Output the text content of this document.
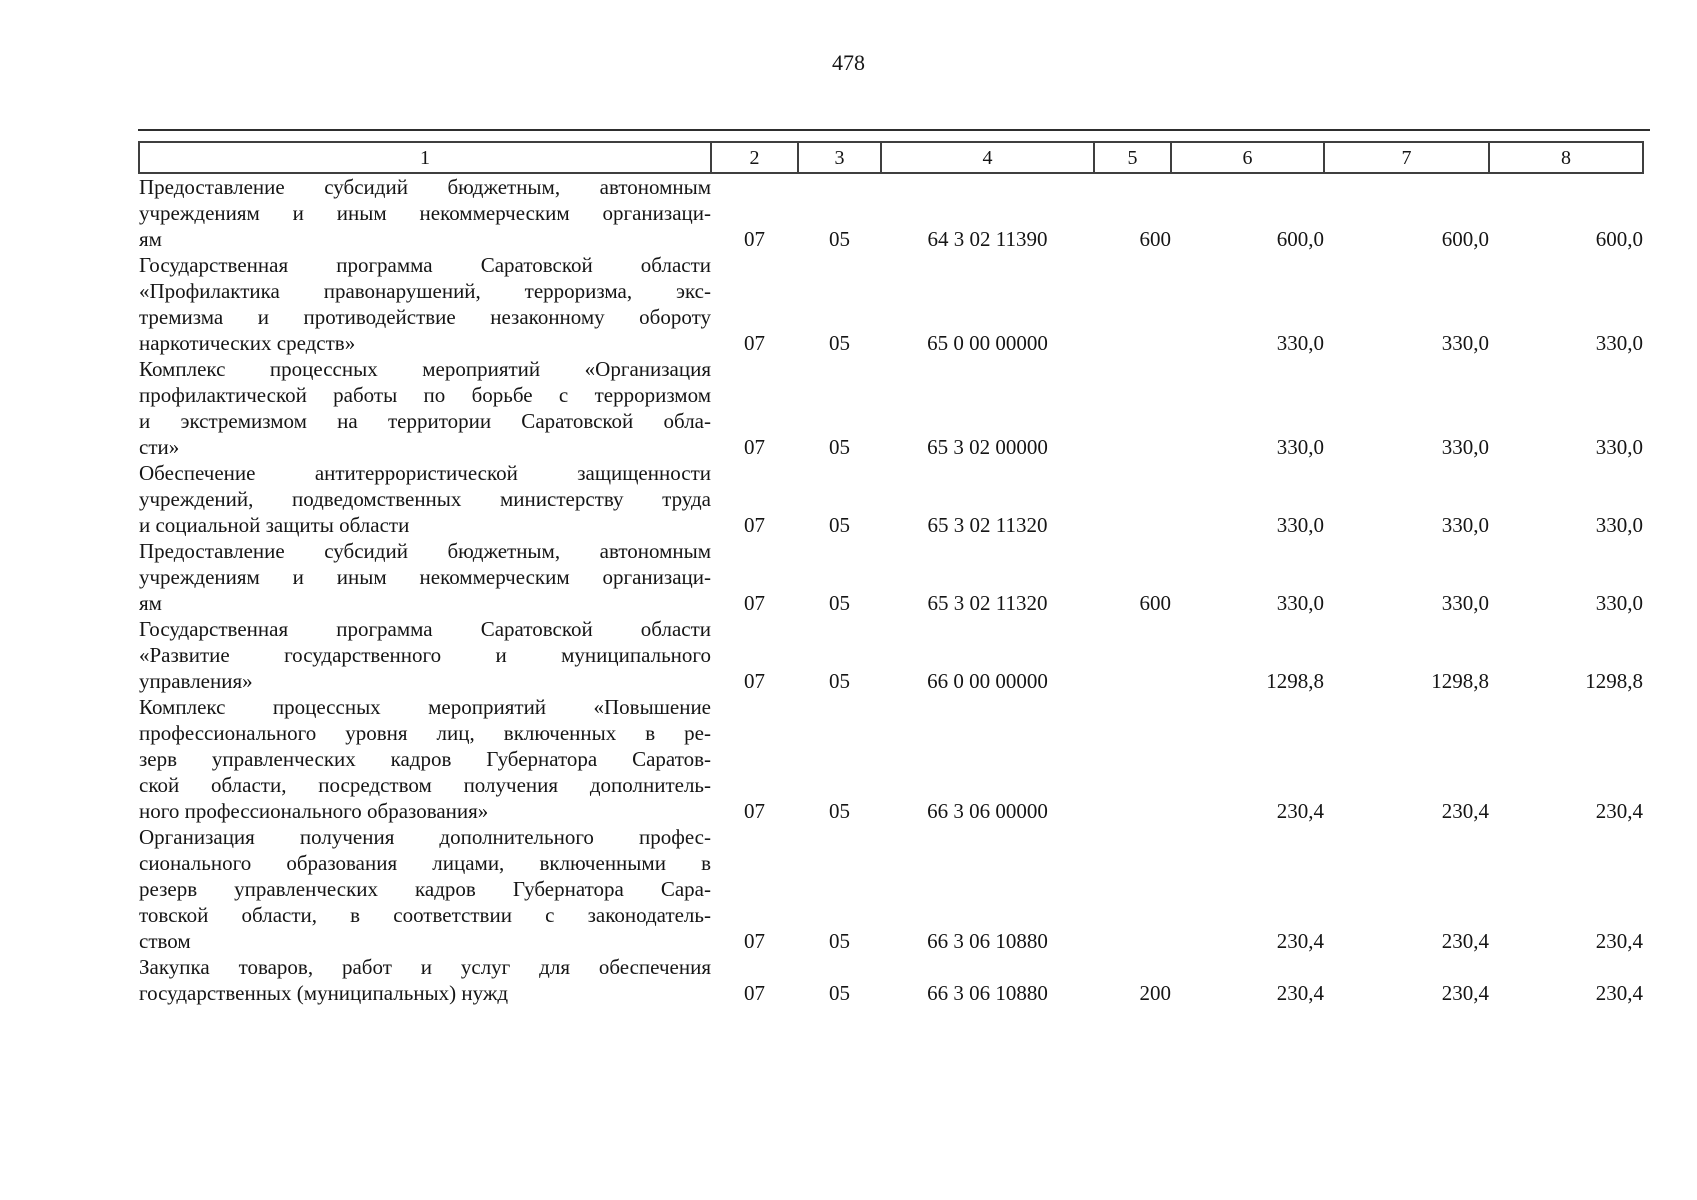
478
1	2	3	4	5	6	7	8

Предоставление субсидий бюджетным, автономным
учреждениям и иным некоммерческим организаци-
ям	07	05	64 3 02 11390	600	600,0	600,0	600,0

Государственная программа Саратовской области
«Профилактика правонарушений, терроризма, экс-
тремизма и противодействие незаконному обороту
наркотических средств»	07	05	65 0 00 00000		330,0	330,0	330,0

Комплекс процессных мероприятий «Организация
профилактической работы по борьбе с терроризмом
и экстремизмом на территории Саратовской обла-
сти»	07	05	65 3 02 00000		330,0	330,0	330,0

Обеспечение антитеррористической защищенности
учреждений, подведомственных министерству труда
и социальной защиты области	07	05	65 3 02 11320		330,0	330,0	330,0

Предоставление субсидий бюджетным, автономным
учреждениям и иным некоммерческим организаци-
ям	07	05	65 3 02 11320	600	330,0	330,0	330,0

Государственная программа Саратовской области
«Развитие государственного и муниципального
управления»	07	05	66 0 00 00000		1298,8	1298,8	1298,8

Комплекс процессных мероприятий «Повышение
профессионального уровня лиц, включенных в ре-
зерв управленческих кадров Губернатора Саратов-
ской области, посредством получения дополнитель-
ного профессионального образования»	07	05	66 3 06 00000		230,4	230,4	230,4

Организация получения дополнительного профес-
сионального образования лицами, включенными в
резерв управленческих кадров Губернатора Сара-
товской области, в соответствии с законодатель-
ством	07	05	66 3 06 10880		230,4	230,4	230,4

Закупка товаров, работ и услуг для обеспечения
государственных (муниципальных) нужд	07	05	66 3 06 10880	200	230,4	230,4	230,4
